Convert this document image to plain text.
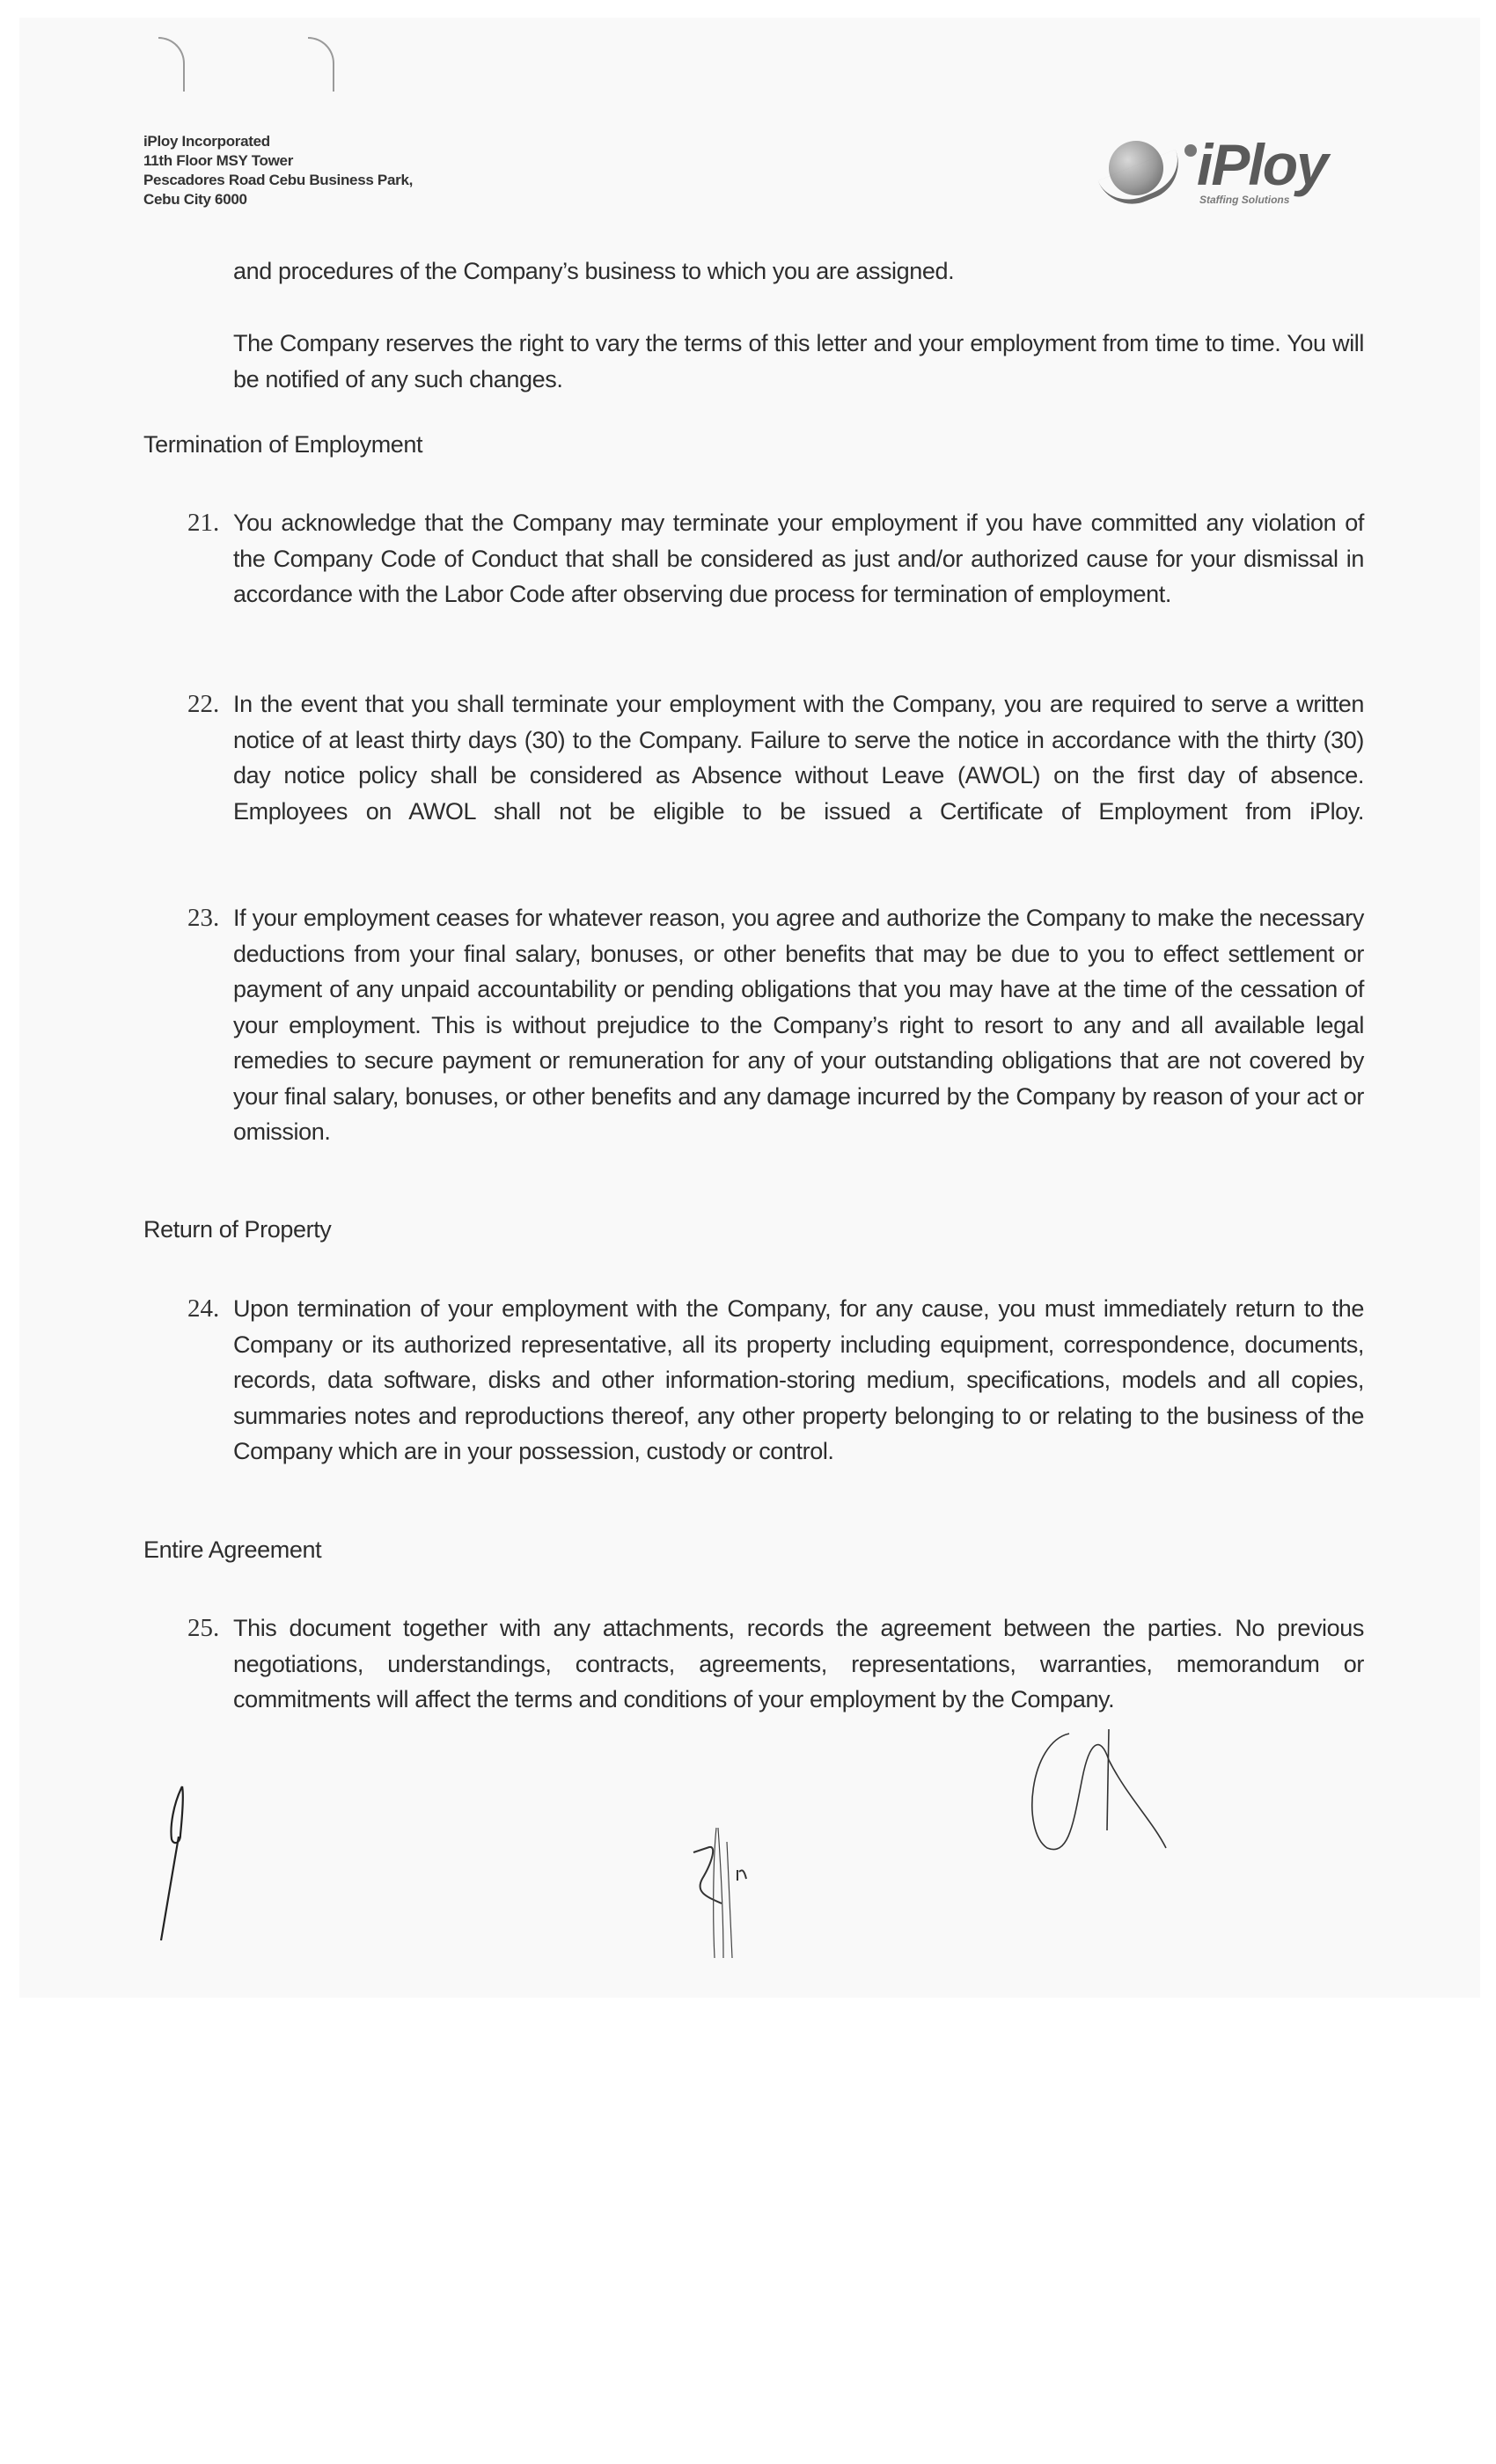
iPloy Incorporated
11th Floor MSY Tower
Pescadores Road Cebu Business Park,
Cebu City 6000
iPloy
Staffing Solutions
and procedures of the Company’s business to which you are assigned.
The Company reserves the right to vary the terms of this letter and your employment from time to time. You will be notified of any such changes.
Termination of Employment
21. You acknowledge that the Company may terminate your employment if you have committed any violation of the Company Code of Conduct that shall be considered as just and/or authorized cause for your dismissal in accordance with the Labor Code after observing due process for termination of employment.
22. In the event that you shall terminate your employment with the Company, you are required to serve a written notice of at least thirty days (30) to the Company. Failure to serve the notice in accordance with the thirty (30) day notice policy shall be considered as Absence without Leave (AWOL) on the first day of absence. Employees on AWOL shall not be eligible to be issued a Certificate of Employment from iPloy.
23. If your employment ceases for whatever reason, you agree and authorize the Company to make the necessary deductions from your final salary, bonuses, or other benefits that may be due to you to effect settlement or payment of any unpaid accountability or pending obligations that you may have at the time of the cessation of your employment. This is without prejudice to the Company’s right to resort to any and all available legal remedies to secure payment or remuneration for any of your outstanding obligations that are not covered by your final salary, bonuses, or other benefits and any damage incurred by the Company by reason of your act or omission.
Return of Property
24. Upon termination of your employment with the Company, for any cause, you must immediately return to the Company or its authorized representative, all its property including equipment, correspondence, documents, records, data software, disks and other information-storing medium, specifications, models and all copies, summaries notes and reproductions thereof, any other property belonging to or relating to the business of the Company which are in your possession, custody or control.
Entire Agreement
25. This document together with any attachments, records the agreement between the parties. No previous negotiations, understandings, contracts, agreements, representations, warranties, memorandum or commitments will affect the terms and conditions of your employment by the Company.
